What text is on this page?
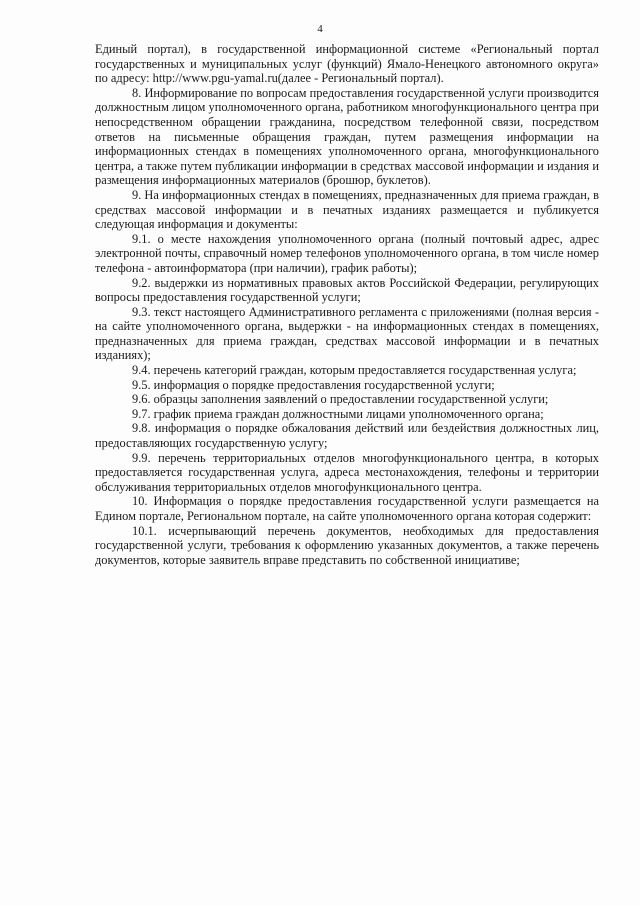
4

Единый портал), в государственной информационной системе «Региональный портал государственных и муниципальных услуг (функций) Ямало-Ненецкого автономного округа» по адресу: http://www.pgu-yamal.ru(далее - Региональный портал).

8. Информирование по вопросам предоставления государственной услуги производится должностным лицом уполномоченного органа, работником многофункционального центра при непосредственном обращении гражданина, посредством телефонной связи, посредством ответов на письменные обращения граждан, путем размещения информации на информационных стендах в помещениях уполномоченного органа, многофункционального центра, а также путем публикации информации в средствах массовой информации и издания и размещения информационных материалов (брошюр, буклетов).

9. На информационных стендах в помещениях, предназначенных для приема граждан, в средствах массовой информации и в печатных изданиях размещается и публикуется следующая информация и документы:

9.1. о месте нахождения уполномоченного органа (полный почтовый адрес, адрес электронной почты, справочный номер телефонов уполномоченного органа, в том числе номер телефона - автоинформатора (при наличии), график работы);

9.2. выдержки из нормативных правовых актов Российской Федерации, регулирующих вопросы предоставления государственной услуги;

9.3. текст настоящего Административного регламента с приложениями (полная версия - на сайте уполномоченного органа, выдержки - на информационных стендах в помещениях, предназначенных для приема граждан, средствах массовой информации и в печатных изданиях);

9.4. перечень категорий граждан, которым предоставляется государственная услуга;

9.5. информация о порядке предоставления государственной услуги;

9.6. образцы заполнения заявлений о предоставлении государственной услуги;

9.7. график приема граждан должностными лицами уполномоченного органа;

9.8. информация о порядке обжалования действий или бездействия должностных лиц, предоставляющих государственную услугу;

9.9. перечень территориальных отделов многофункционального центра, в которых предоставляется государственная услуга, адреса местонахождения, телефоны и территории обслуживания территориальных отделов многофункционального центра.

10. Информация о порядке предоставления государственной услуги размещается на Едином портале, Региональном портале, на сайте уполномоченного органа которая содержит:

10.1. исчерпывающий перечень документов, необходимых для предоставления государственной услуги, требования к оформлению указанных документов, а также перечень документов, которые заявитель вправе представить по собственной инициативе;
